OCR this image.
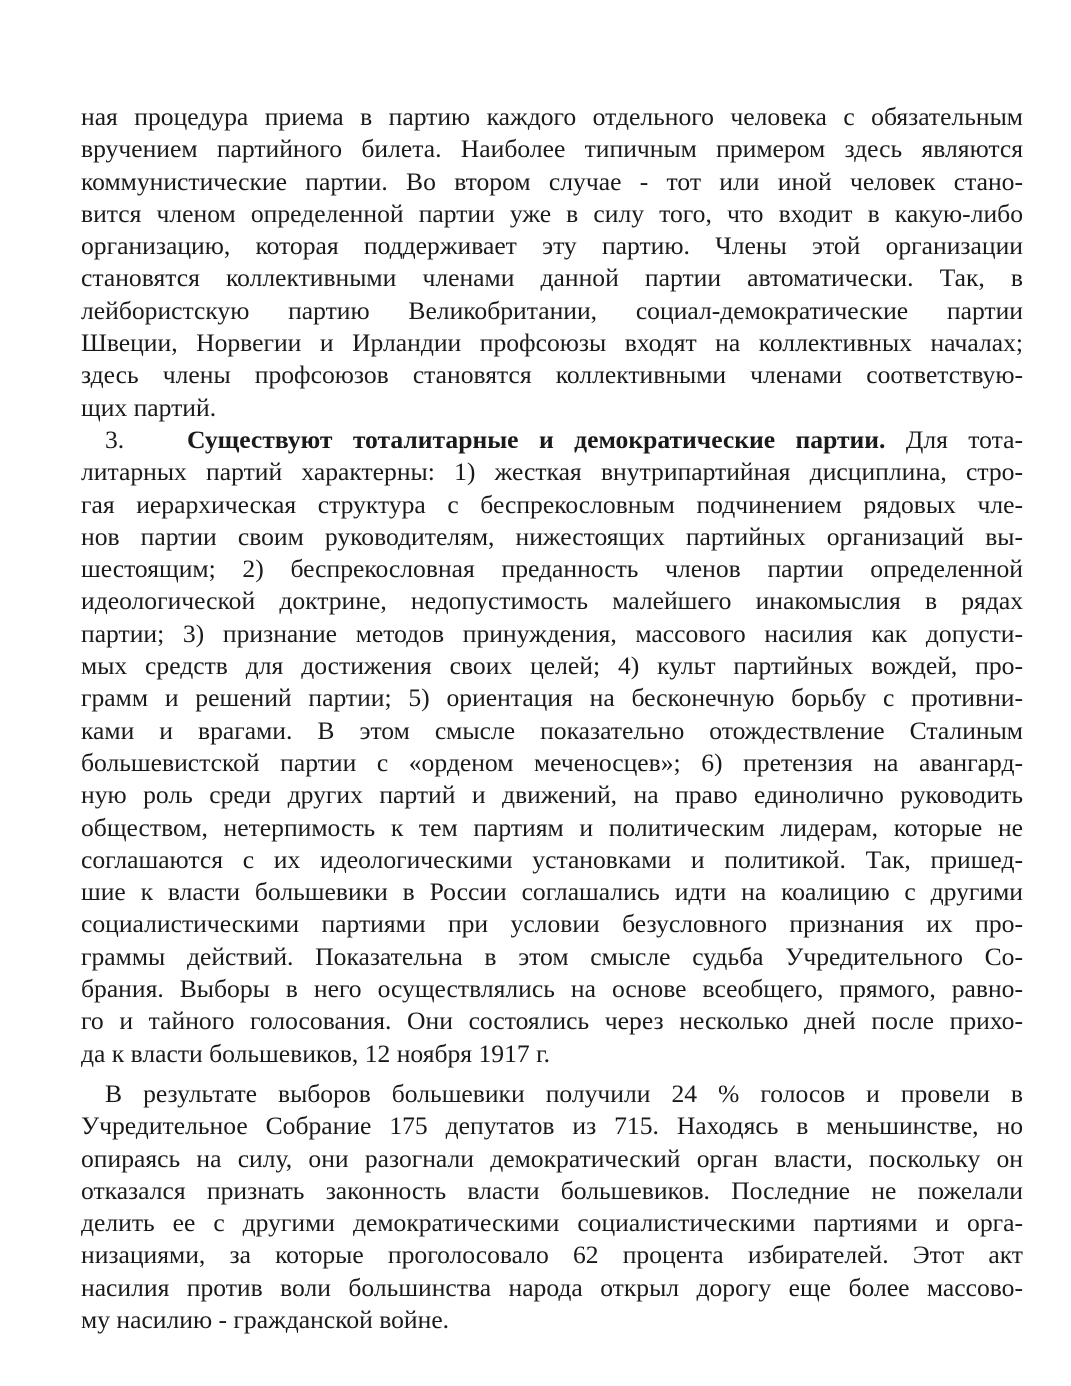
ная процедура приема в партию каждого отдельного человека с обязательным
вручением партийного билета. Наиболее типичным примером здесь являются
коммунистические партии. Во втором случае - тот или иной человек стано-
вится членом определенной партии уже в силу того, что входит в какую-либо
организацию, которая поддерживает эту партию. Члены этой организации
становятся коллективными членами данной партии автоматически. Так, в
лейбористскую партию Великобритании, социал-демократические партии
Швеции, Норвегии и Ирландии профсоюзы входят на коллективных началах;
здесь члены профсоюзов становятся коллективными членами соответствую-
щих партий.
3. Существуют тоталитарные и демократические партии. Для тота-
литарных партий характерны: 1) жесткая внутрипартийная дисциплина, стро-
гая иерархическая структура с беспрекословным подчинением рядовых чле-
нов партии своим руководителям, нижестоящих партийных организаций вы-
шестоящим; 2) беспрекословная преданность членов партии определенной
идеологической доктрине, недопустимость малейшего инакомыслия в рядах
партии; 3) признание методов принуждения, массового насилия как допусти-
мых средств для достижения своих целей; 4) культ партийных вождей, про-
грамм и решений партии; 5) ориентация на бесконечную борьбу с противни-
ками и врагами. В этом смысле показательно отождествление Сталиным
большевистской партии с «орденом меченосцев»; 6) претензия на авангард-
ную роль среди других партий и движений, на право единолично руководить
обществом, нетерпимость к тем партиям и политическим лидерам, которые не
соглашаются с их идеологическими установками и политикой. Так, пришед-
шие к власти большевики в России соглашались идти на коалицию с другими
социалистическими партиями при условии безусловного признания их про-
граммы действий. Показательна в этом смысле судьба Учредительного Со-
брания. Выборы в него осуществлялись на основе всеобщего, прямого, равно-
го и тайного голосования. Они состоялись через несколько дней после прихо-
да к власти большевиков, 12 ноября 1917 г.
В результате выборов большевики получили 24 % голосов и провели в
Учредительное Собрание 175 депутатов из 715. Находясь в меньшинстве, но
опираясь на силу, они разогнали демократический орган власти, поскольку он
отказался признать законность власти большевиков. Последние не пожелали
делить ее с другими демократическими социалистическими партиями и орга-
низациями, за которые проголосовало 62 процента избирателей. Этот акт
насилия против воли большинства народа открыл дорогу еще более массово-
му насилию - гражданской войне.
